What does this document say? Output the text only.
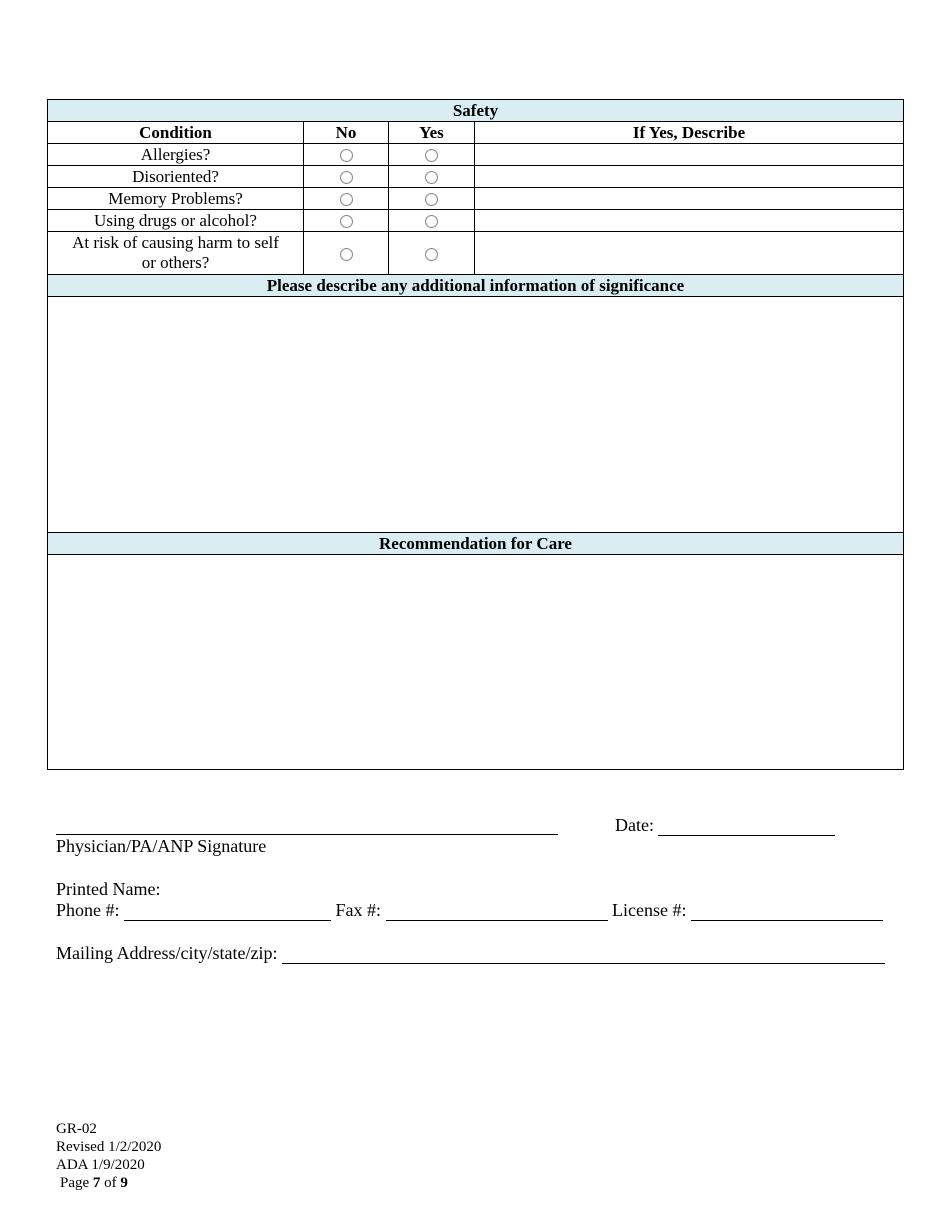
Safety			
Condition	No	Yes	If Yes, Describe
Allergies?			
Disoriented?			
Memory Problems?			
Using drugs or alcohol?			
At risk of causing harm to self or others?			
Please describe any additional information of significance			

Recommendation for Care			

Date:
Physician/PA/ANP Signature
Printed Name:
Phone #:	Fax #:	License #:
Mailing Address/city/state/zip:
GR-02
Revised 1/2/2020
ADA 1/9/2020
Page 7 of 9
